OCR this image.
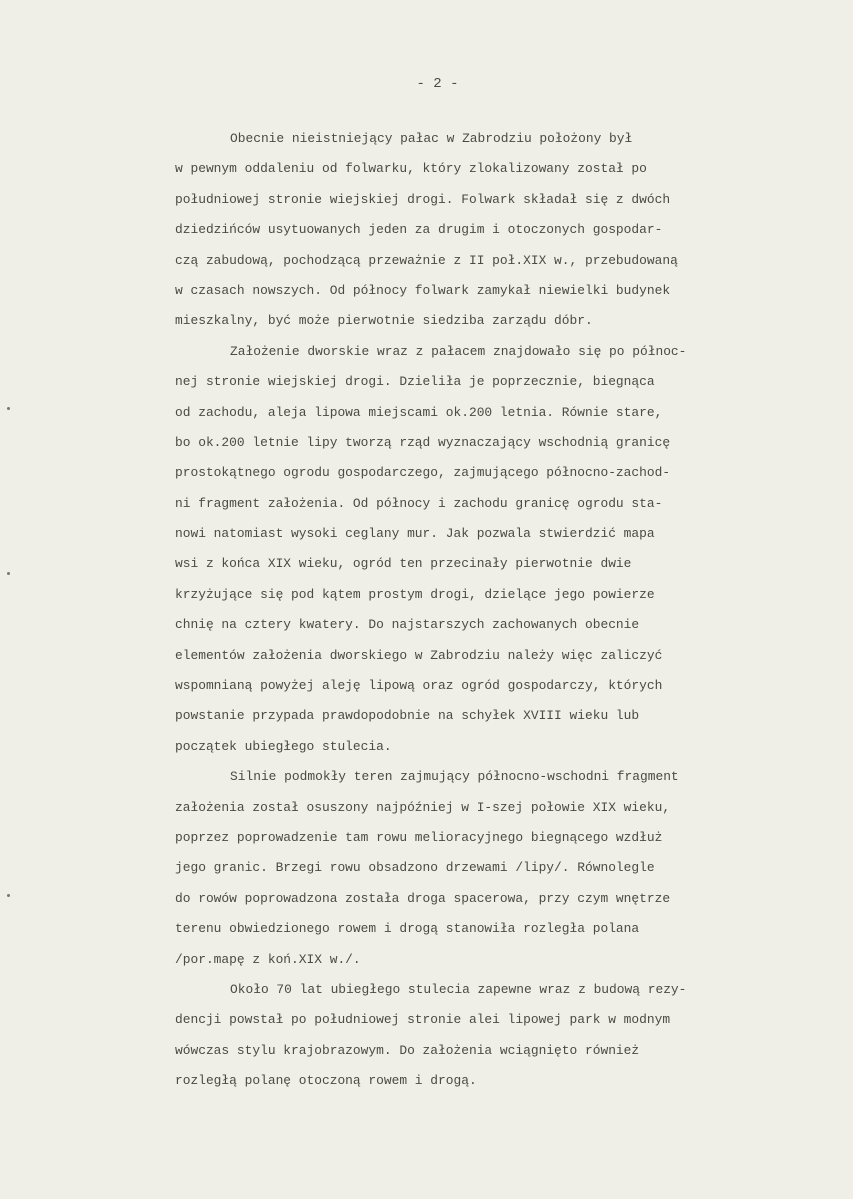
- 2 -
Obecnie nieistniejący pałac w Zabrodziu położony był
w pewnym oddaleniu od folwarku, który zlokalizowany został po
południowej stronie wiejskiej drogi. Folwark składał się z dwóch
dziedzińców usytuowanych jeden za drugim i otoczonych gospodar-
czą zabudową, pochodzącą przeważnie z II poł.XIX w., przebudowaną
w czasach nowszych. Od północy folwark zamykał niewielki budynek
mieszkalny, być może pierwotnie siedziba zarządu dóbr.
Założenie dworskie wraz z pałacem znajdowało się po północ-
nej stronie wiejskiej drogi. Dzieliła je poprzecznie, biegnąca
od zachodu, aleja lipowa miejscami ok.200 letnia. Równie stare,
bo ok.200 letnie lipy tworzą rząd wyznaczający wschodnią granicę
prostokątnego ogrodu gospodarczego, zajmującego północno-zachod-
ni fragment założenia. Od północy i zachodu granicę ogrodu sta-
nowi natomiast wysoki ceglany mur. Jak pozwala stwierdzić mapa
wsi z końca XIX wieku, ogród ten przecinały pierwotnie dwie
krzyżujące się pod kątem prostym drogi, dzielące jego powierze
chnię na cztery kwatery. Do najstarszych zachowanych obecnie
elementów założenia dworskiego w Zabrodziu należy więc zaliczyć
wspomnianą powyżej aleję lipową oraz ogród gospodarczy, których
powstanie przypada prawdopodobnie na schyłek XVIII wieku lub
początek ubiegłego stulecia.
Silnie podmokły teren zajmujący północno-wschodni fragment
założenia został osuszony najpóźniej w I-szej połowie XIX wieku,
poprzez poprowadzenie tam rowu melioracyjnego biegnącego wzdłuż
jego granic. Brzegi rowu obsadzono drzewami /lipy/. Równolegle
do rowów poprowadzona została droga spacerowa, przy czym wnętrze
terenu obwiedzionego rowem i drogą stanowiła rozległa polana
/por.mapę z koń.XIX w./.
Około 70 lat ubiegłego stulecia zapewne wraz z budową rezy-
dencji powstał po południowej stronie alei lipowej park w modnym
wówczas stylu krajobrazowym. Do założenia wciągnięto również
rozległą polanę otoczoną rowem i drogą.
